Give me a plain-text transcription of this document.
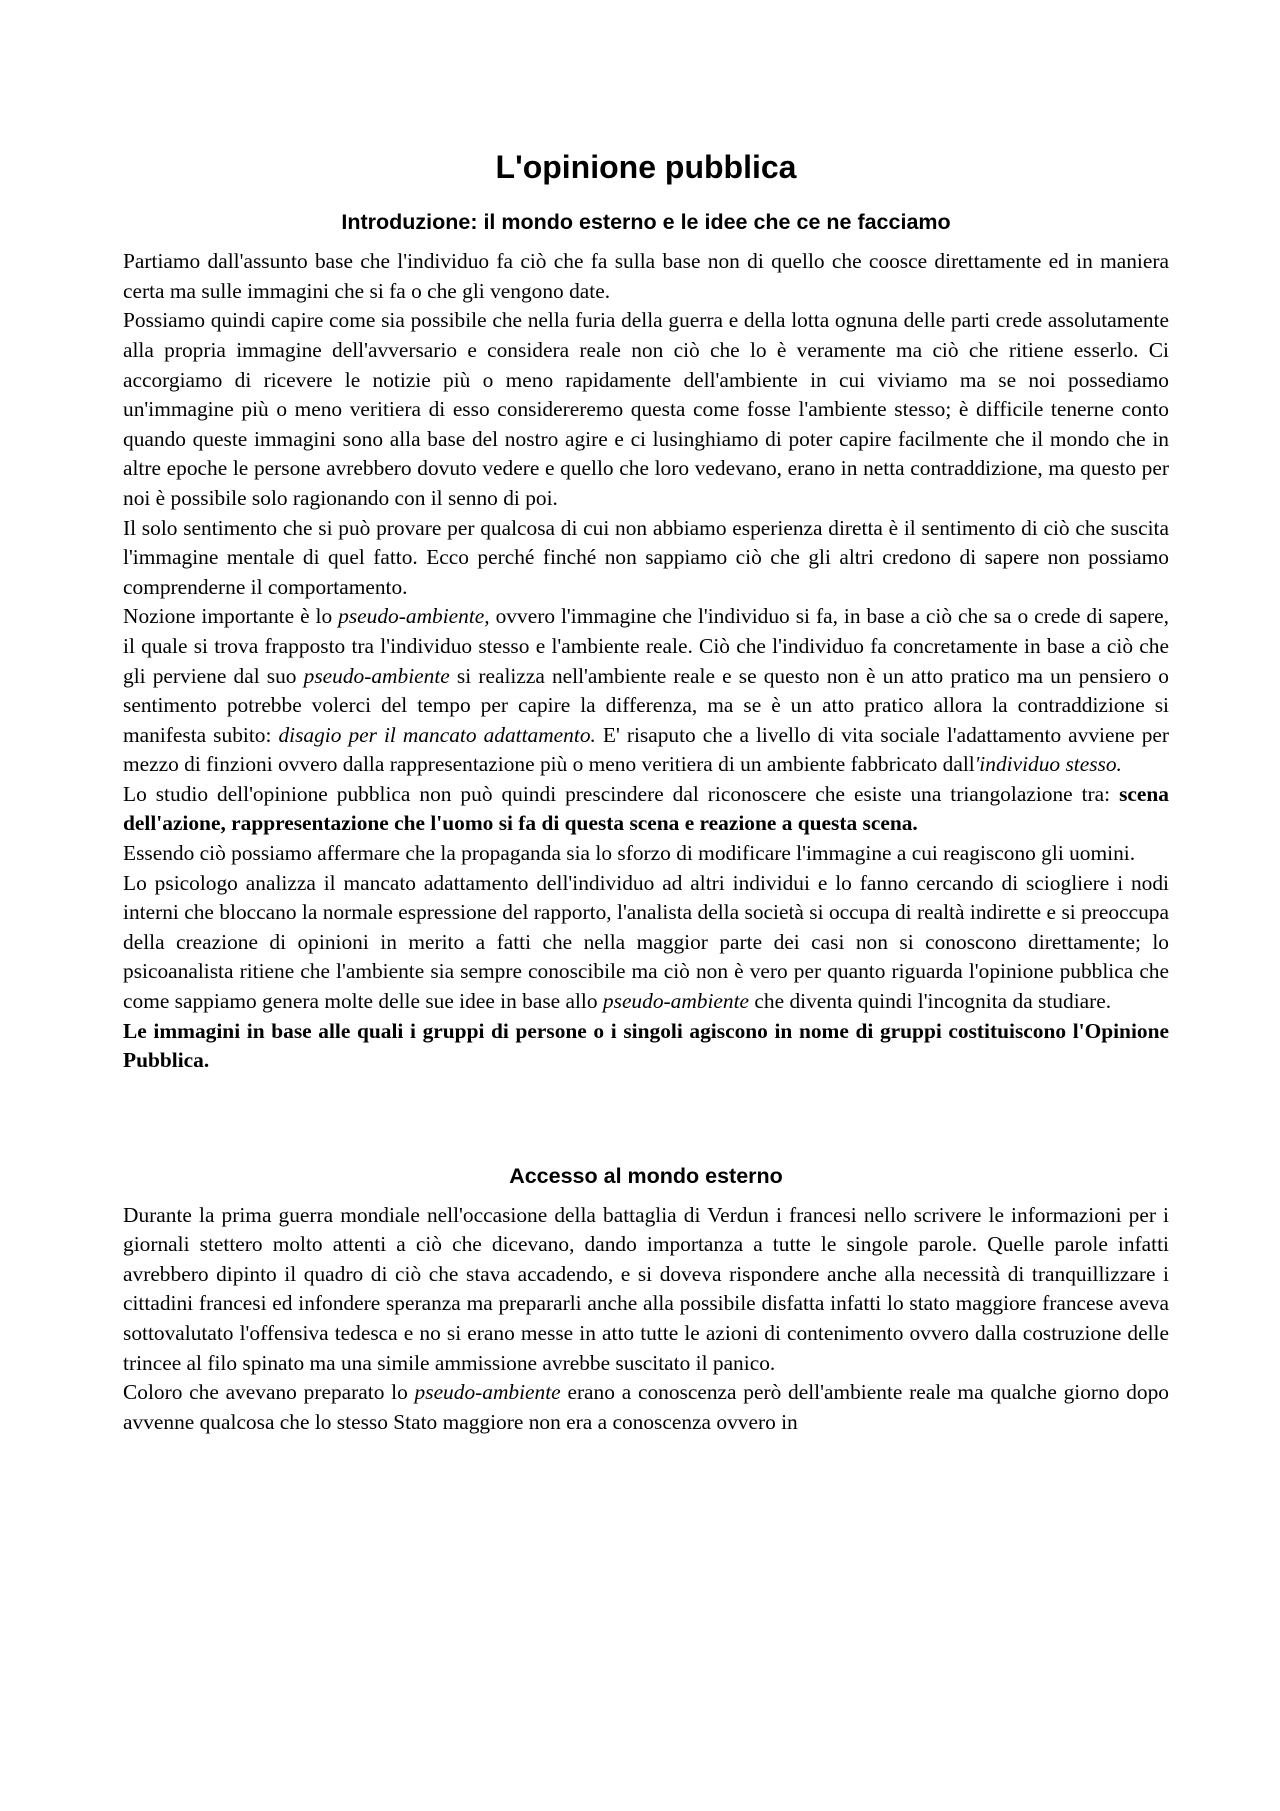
L'opinione pubblica
Introduzione: il mondo esterno e le idee che ce ne facciamo

Partiamo dall'assunto base che l'individuo fa ciò che fa sulla base non di quello che coosce direttamente ed in maniera certa ma sulle immagini che si fa o che gli vengono date.

Possiamo quindi capire come sia possibile che nella furia della guerra e della lotta ognuna delle parti crede assolutamente alla propria immagine dell'avversario e considera reale non ciò che lo è veramente ma ciò che ritiene esserlo. Ci accorgiamo di ricevere le notizie più o meno rapidamente dell'ambiente in cui viviamo ma se noi possediamo un'immagine più o meno veritiera di esso considereremo questa come fosse l'ambiente stesso; è difficile tenerne conto quando queste immagini sono alla base del nostro agire e ci lusinghiamo di poter capire facilmente che il mondo che in altre epoche le persone avrebbero dovuto vedere e quello che loro vedevano, erano in netta contraddizione, ma questo per noi è possibile solo ragionando con il senno di poi.

Il solo sentimento che si può provare per qualcosa di cui non abbiamo esperienza diretta è il sentimento di ciò che suscita l'immagine mentale di quel fatto. Ecco perché finché non sappiamo ciò che gli altri credono di sapere non possiamo comprenderne il comportamento.

Nozione importante è lo pseudo-ambiente, ovvero l'immagine che l'individuo si fa, in base a ciò che sa o crede di sapere, il quale si trova frapposto tra l'individuo stesso e l'ambiente reale. Ciò che l'individuo fa concretamente in base a ciò che gli perviene dal suo pseudo-ambiente si realizza nell'ambiente reale e se questo non è un atto pratico ma un pensiero o sentimento potrebbe volerci del tempo per capire la differenza, ma se è un atto pratico allora la contraddizione si manifesta subito: disagio per il mancato adattamento. E' risaputo che a livello di vita sociale l'adattamento avviene per mezzo di finzioni ovvero dalla rappresentazione più o meno veritiera di un ambiente fabbricato dall'individuo stesso.

Lo studio dell'opinione pubblica non può quindi prescindere dal riconoscere che esiste una triangolazione tra: scena dell'azione, rappresentazione che l'uomo si fa di questa scena e reazione a questa scena.

Essendo ciò possiamo affermare che la propaganda sia lo sforzo di modificare l'immagine a cui reagiscono gli uomini.

Lo psicologo analizza il mancato adattamento dell'individuo ad altri individui e lo fanno cercando di sciogliere i nodi interni che bloccano la normale espressione del rapporto, l'analista della società si occupa di realtà indirette e si preoccupa della creazione di opinioni in merito a fatti che nella maggior parte dei casi non si conoscono direttamente; lo psicoanalista ritiene che l'ambiente sia sempre conoscibile ma ciò non è vero per quanto riguarda l'opinione pubblica che come sappiamo genera molte delle sue idee in base allo pseudo-ambiente che diventa quindi l'incognita da studiare.

Le immagini in base alle quali i gruppi di persone o i singoli agiscono in nome di gruppi costituiscono l'Opinione Pubblica.

Accesso al mondo esterno

Durante la prima guerra mondiale nell'occasione della battaglia di Verdun i francesi nello scrivere le informazioni per i giornali stettero molto attenti a ciò che dicevano, dando importanza a tutte le singole parole. Quelle parole infatti avrebbero dipinto il quadro di ciò che stava accadendo, e si doveva rispondere anche alla necessità di tranquillizzare i cittadini francesi ed infondere speranza ma prepararli anche alla possibile disfatta infatti lo stato maggiore francese aveva sottovalutato l'offensiva tedesca e no si erano messe in atto tutte le azioni di contenimento ovvero dalla costruzione delle trincee al filo spinato ma una simile ammissione avrebbe suscitato il panico.

Coloro che avevano preparato lo pseudo-ambiente erano a conoscenza però dell'ambiente reale ma qualche giorno dopo avvenne qualcosa che lo stesso Stato maggiore non era a conoscenza ovvero in
